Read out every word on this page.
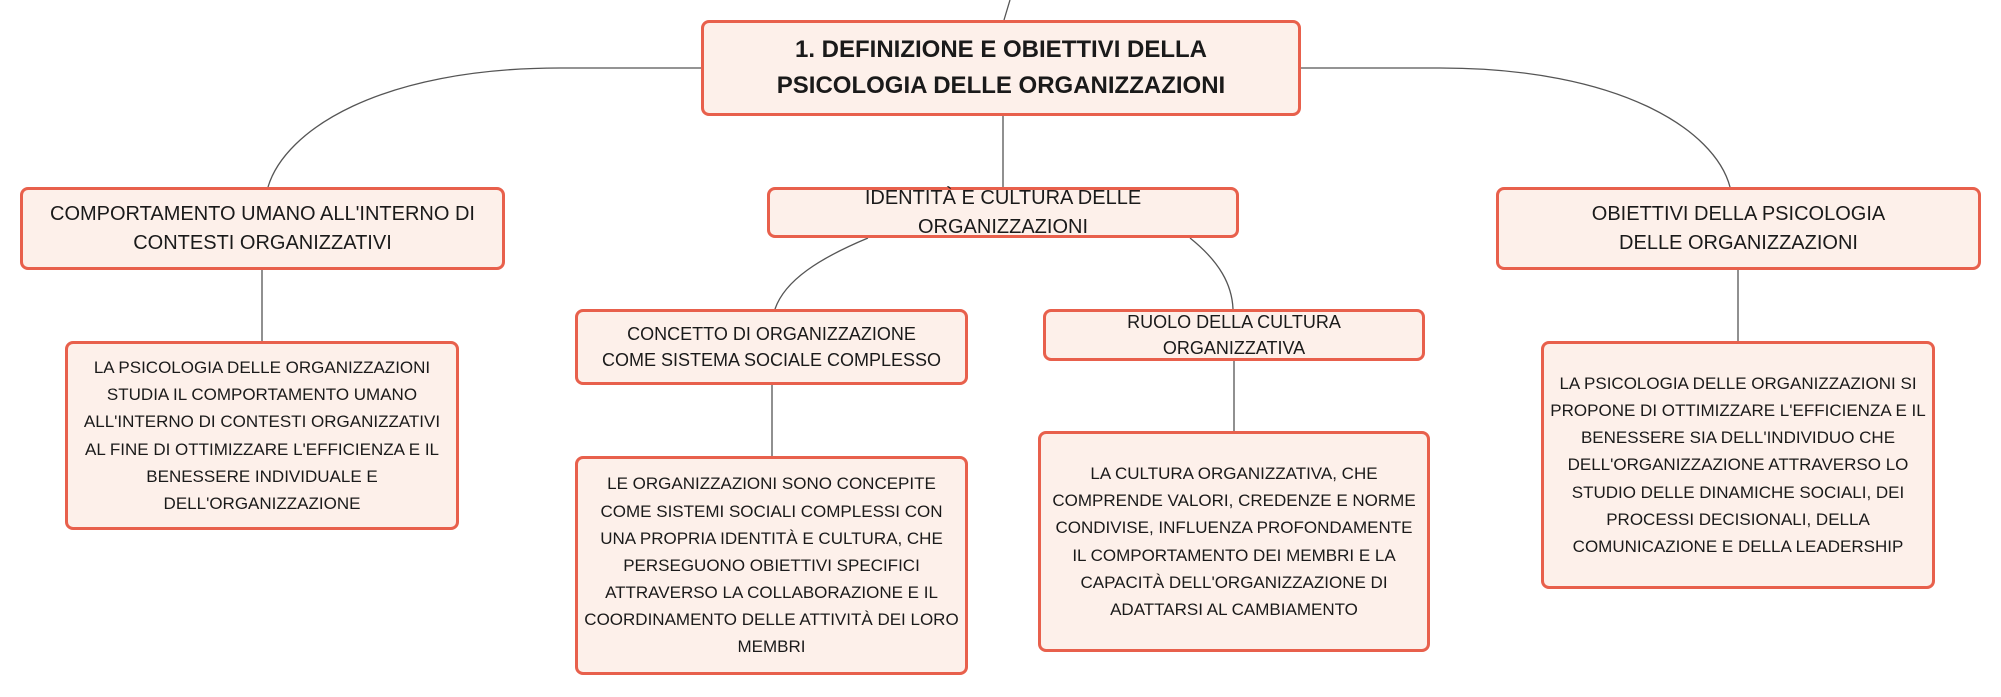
1. DEFINIZIONE E OBIETTIVI DELLA PSICOLOGIA DELLE ORGANIZZAZIONI
COMPORTAMENTO UMANO ALL'INTERNO DI CONTESTI ORGANIZZATIVI
IDENTITÀ E CULTURA DELLE ORGANIZZAZIONI
OBIETTIVI DELLA PSICOLOGIA DELLE ORGANIZZAZIONI
CONCETTO DI ORGANIZZAZIONE COME SISTEMA SOCIALE COMPLESSO
RUOLO DELLA CULTURA ORGANIZZATIVA
LA PSICOLOGIA DELLE ORGANIZZAZIONI STUDIA IL COMPORTAMENTO UMANO ALL'INTERNO DI CONTESTI ORGANIZZATIVI AL FINE DI OTTIMIZZARE L'EFFICIENZA E IL BENESSERE INDIVIDUALE E DELL'ORGANIZZAZIONE
LE ORGANIZZAZIONI SONO CONCEPITE COME SISTEMI SOCIALI COMPLESSI CON UNA PROPRIA IDENTITÀ E CULTURA, CHE PERSEGUONO OBIETTIVI SPECIFICI ATTRAVERSO LA COLLABORAZIONE E IL COORDINAMENTO DELLE ATTIVITÀ DEI LORO MEMBRI
LA CULTURA ORGANIZZATIVA, CHE COMPRENDE VALORI, CREDENZE E NORME CONDIVISE, INFLUENZA PROFONDAMENTE IL COMPORTAMENTO DEI MEMBRI E LA CAPACITÀ DELL'ORGANIZZAZIONE DI ADATTARSI AL CAMBIAMENTO
LA PSICOLOGIA DELLE ORGANIZZAZIONI SI PROPONE DI OTTIMIZZARE L'EFFICIENZA E IL BENESSERE SIA DELL'INDIVIDUO CHE DELL'ORGANIZZAZIONE ATTRAVERSO LO STUDIO DELLE DINAMICHE SOCIALI, DEI PROCESSI DECISIONALI, DELLA COMUNICAZIONE E DELLA LEADERSHIP
